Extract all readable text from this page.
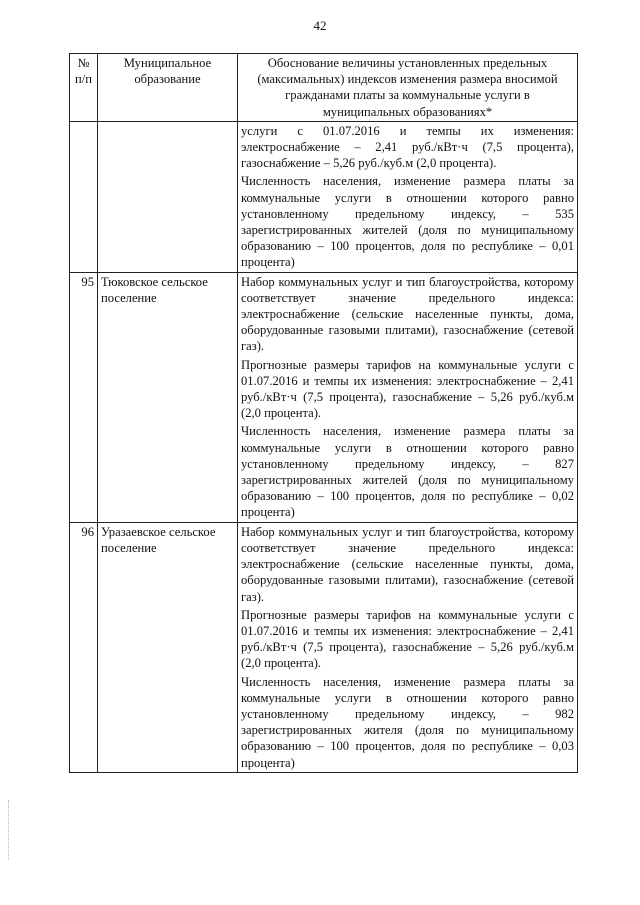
42
№ п/п	Муниципальное образование	Обоснование величины установленных предельных (максимальных) индексов изменения размера вносимой гражданами платы за коммунальные услуги в муниципальных образованиях*

		услуги с 01.07.2016 и темпы их изменения: электроснабжение – 2,41 руб./кВт·ч (7,5 процента), газоснабжение – 5,26 руб./куб.м (2,0 процента).

Численность населения, изменение размера платы за коммунальные услуги в отношении которого равно установленному предельному индексу, – 535 зарегистрированных жителей (доля по муниципальному образованию – 100 процентов, доля по республике – 0,01 процента)

95	Тюковское сельское поселение	Набор коммунальных услуг и тип благоустройства, которому соответствует значение предельного индекса: электроснабжение (сельские населенные пункты, дома, оборудованные газовыми плитами), газоснабжение (сетевой газ).

Прогнозные размеры тарифов на коммунальные услуги с 01.07.2016 и темпы их изменения: электроснабжение – 2,41 руб./кВт·ч (7,5 процента), газоснабжение – 5,26 руб./куб.м (2,0 процента).

Численность населения, изменение размера платы за коммунальные услуги в отношении которого равно установленному предельному индексу, – 827 зарегистрированных жителей (доля по муниципальному образованию – 100 процентов, доля по республике – 0,02 процента)

96	Уразаевское сельское поселение	Набор коммунальных услуг и тип благоустройства, которому соответствует значение предельного индекса: электроснабжение (сельские населенные пункты, дома, оборудованные газовыми плитами), газоснабжение (сетевой газ).

Прогнозные размеры тарифов на коммунальные услуги с 01.07.2016 и темпы их изменения: электроснабжение – 2,41 руб./кВт·ч (7,5 процента), газоснабжение – 5,26 руб./куб.м (2,0 процента).

Численность населения, изменение размера платы за коммунальные услуги в отношении которого равно установленному предельному индексу, – 982 зарегистрированных жителя (доля по муниципальному образованию – 100 процентов, доля по республике – 0,03 процента)
